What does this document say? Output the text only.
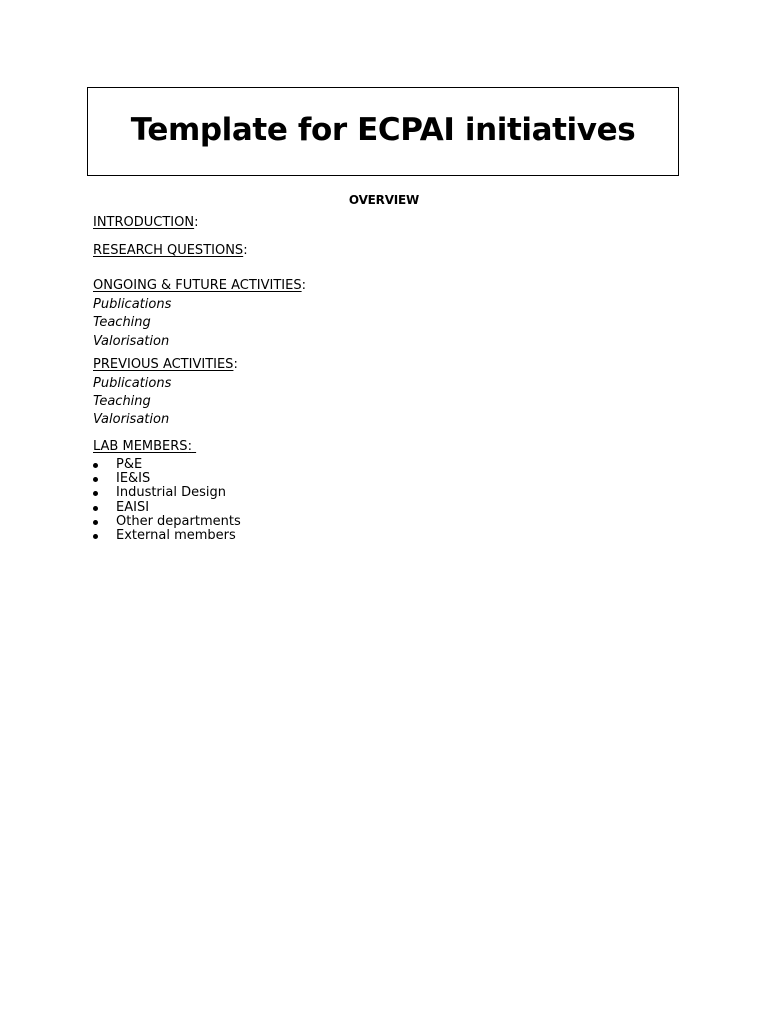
Template for ECPAI initiatives
OVERVIEW
INTRODUCTION:
RESEARCH QUESTIONS:
ONGOING & FUTURE ACTIVITIES:
Publications
Teaching
Valorisation
PREVIOUS ACTIVITIES:
Publications
Teaching
Valorisation
LAB MEMBERS:
P&E
IE&IS
Industrial Design
EAISI
Other departments
External members
